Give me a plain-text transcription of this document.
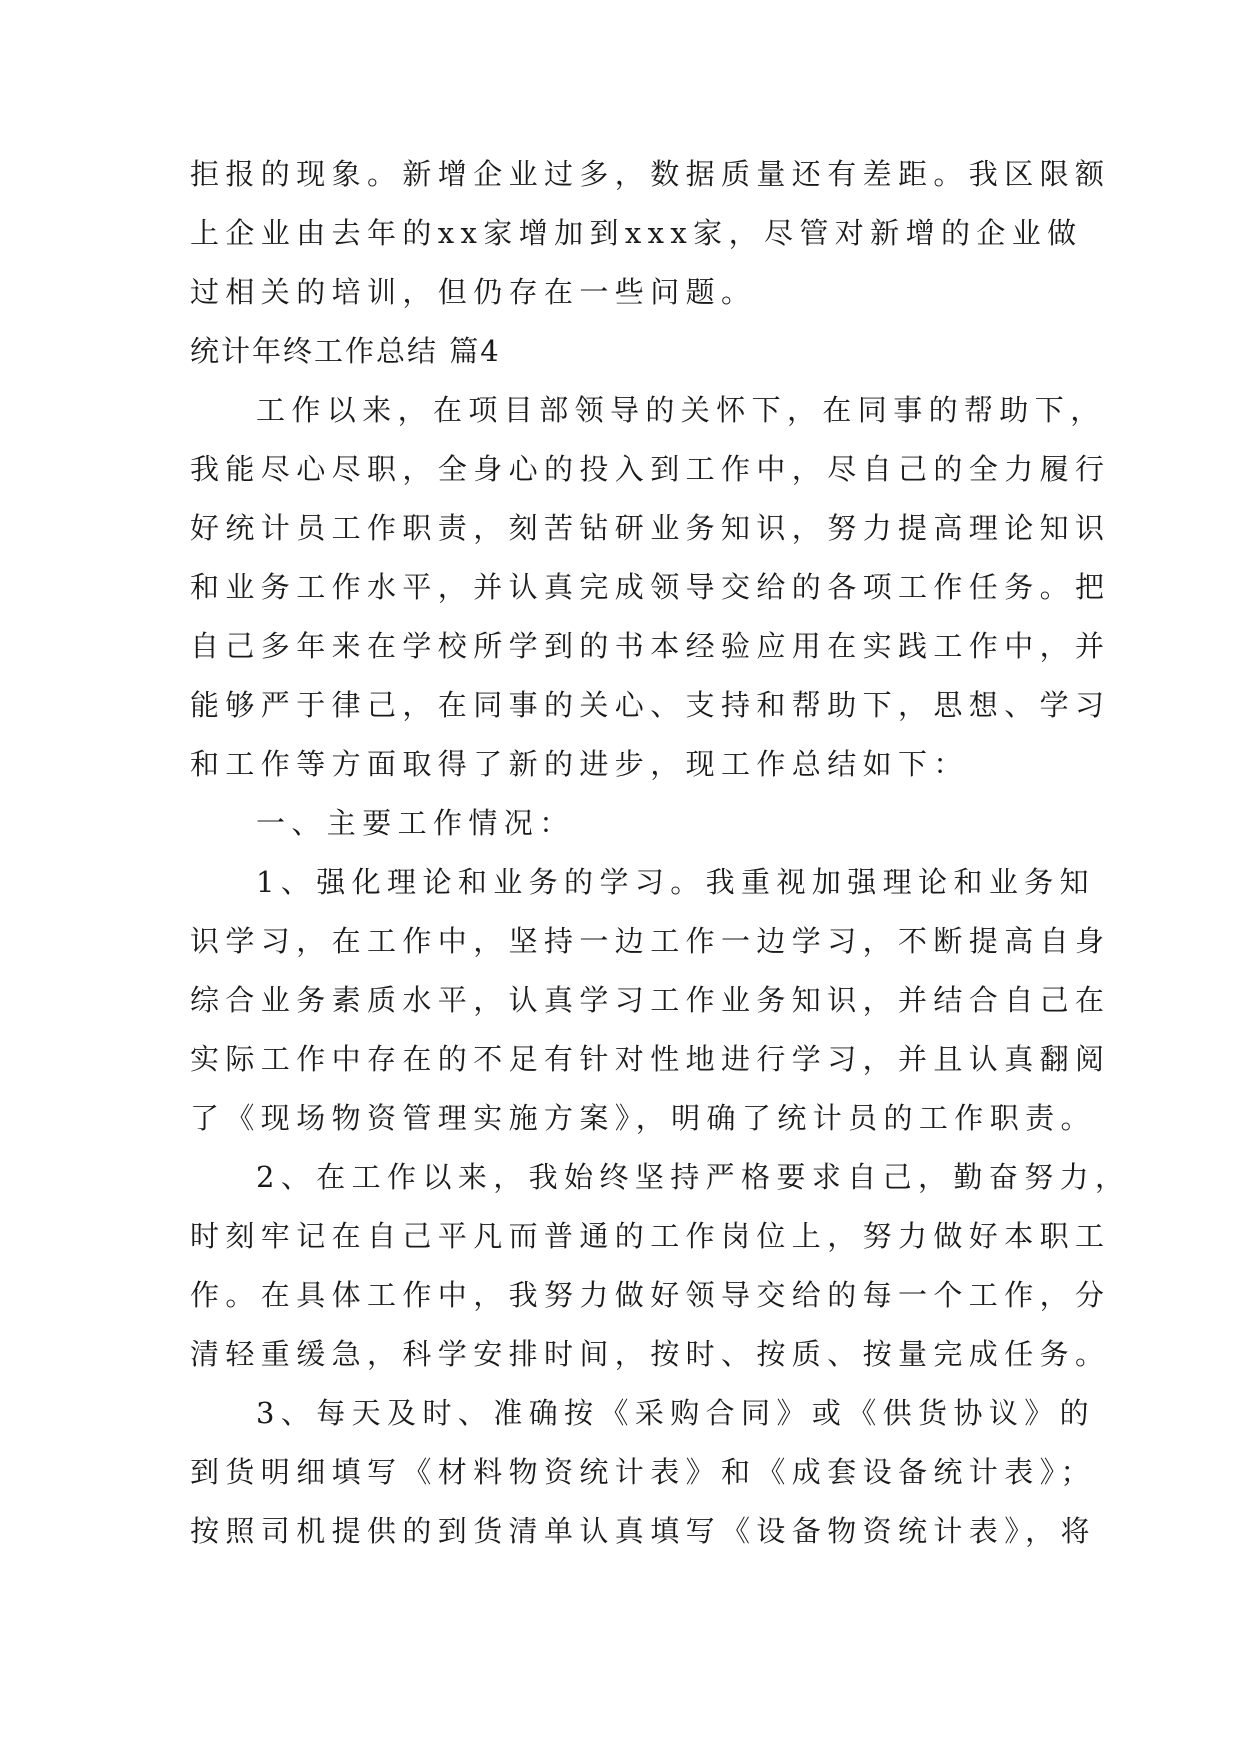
拒报的现象。新增企业过多，数据质量还有差距。我区限额
上企业由去年的xx家增加到xxx家，尽管对新增的企业做
过相关的培训，但仍存在一些问题。
统计年终工作总结 篇4
工作以来，在项目部领导的关怀下，在同事的帮助下，
我能尽心尽职，全身心的投入到工作中，尽自己的全力履行
好统计员工作职责，刻苦钻研业务知识，努力提高理论知识
和业务工作水平，并认真完成领导交给的各项工作任务。把
自己多年来在学校所学到的书本经验应用在实践工作中，并
能够严于律己，在同事的关心、支持和帮助下，思想、学习
和工作等方面取得了新的进步，现工作总结如下：
一、主要工作情况：
1、强化理论和业务的学习。我重视加强理论和业务知
识学习，在工作中，坚持一边工作一边学习，不断提高自身
综合业务素质水平，认真学习工作业务知识，并结合自己在
实际工作中存在的不足有针对性地进行学习，并且认真翻阅
了《现场物资管理实施方案》，明确了统计员的工作职责。
2、在工作以来，我始终坚持严格要求自己，勤奋努力，
时刻牢记在自己平凡而普通的工作岗位上，努力做好本职工
作。在具体工作中，我努力做好领导交给的每一个工作，分
清轻重缓急，科学安排时间，按时、按质、按量完成任务。
3、每天及时、准确按《采购合同》或《供货协议》的
到货明细填写《材料物资统计表》和《成套设备统计表》；
按照司机提供的到货清单认真填写《设备物资统计表》，将
